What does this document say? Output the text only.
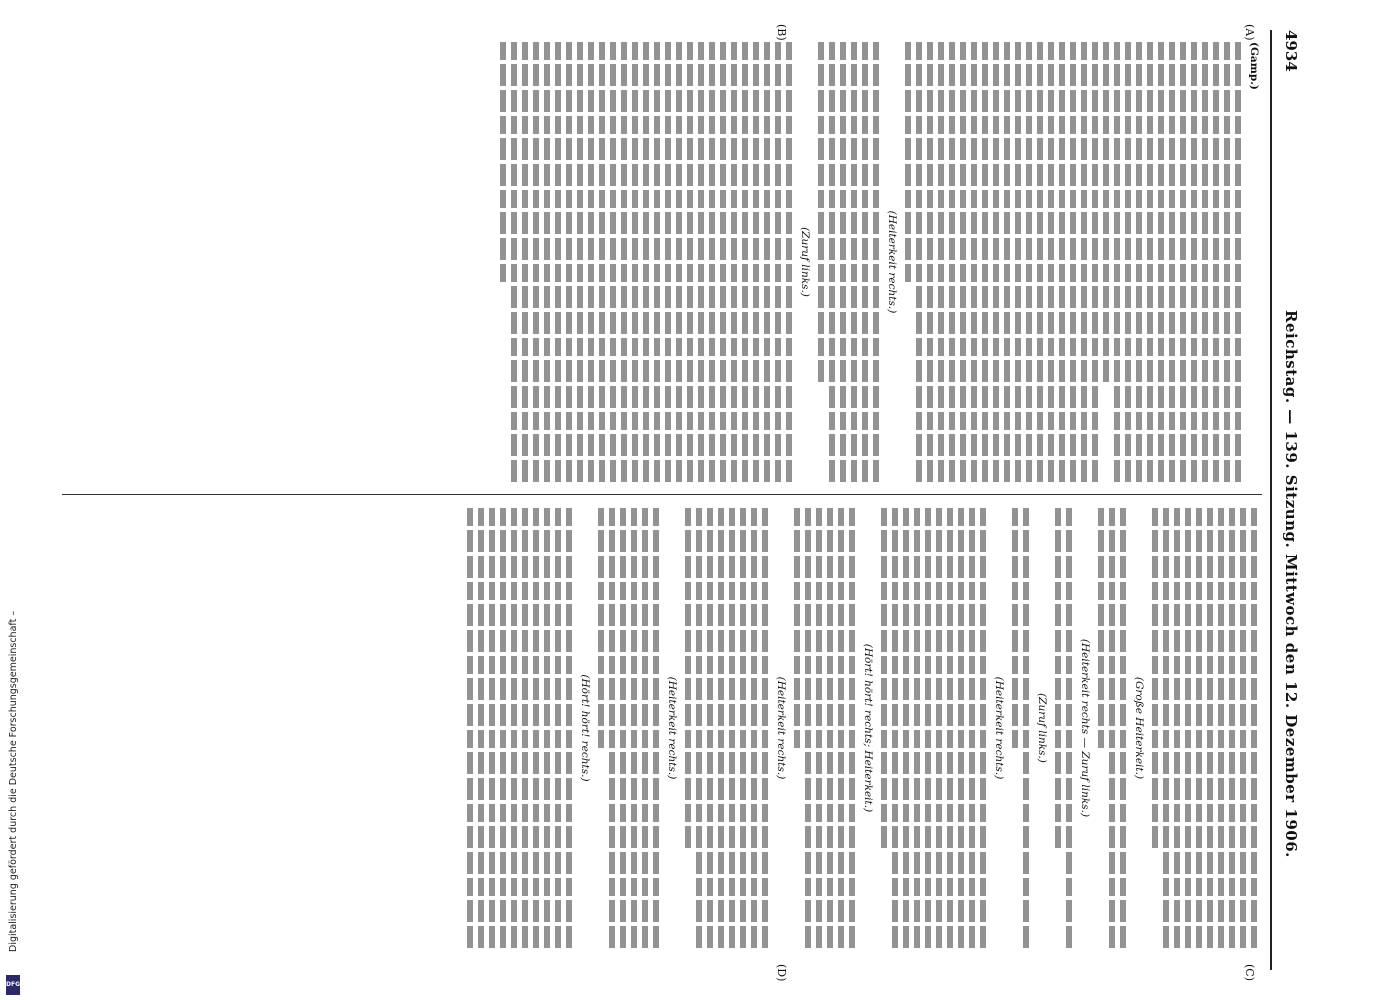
4934
Reichstag. — 139. Sitzung. Mittwoch den 12. Dezember 1906.
(A)
(B)
(C)
(D)

(Gamp.)

(Heiterkeit rechts.)

(Zuruf links.)

(Große Heiterkeit.)

(Heiterkeit rechts — Zuruf links.)

(Zuruf links.)

(Heiterkeit rechts.)

(Hört! hört! rechts; Heiterkeit.)

(Heiterkeit rechts.)

(Heiterkeit rechts.)

(Hört! hört! rechts.)

Digitalisierung gefördert durch die Deutsche Forschungsgemeinschaft –
DFG
